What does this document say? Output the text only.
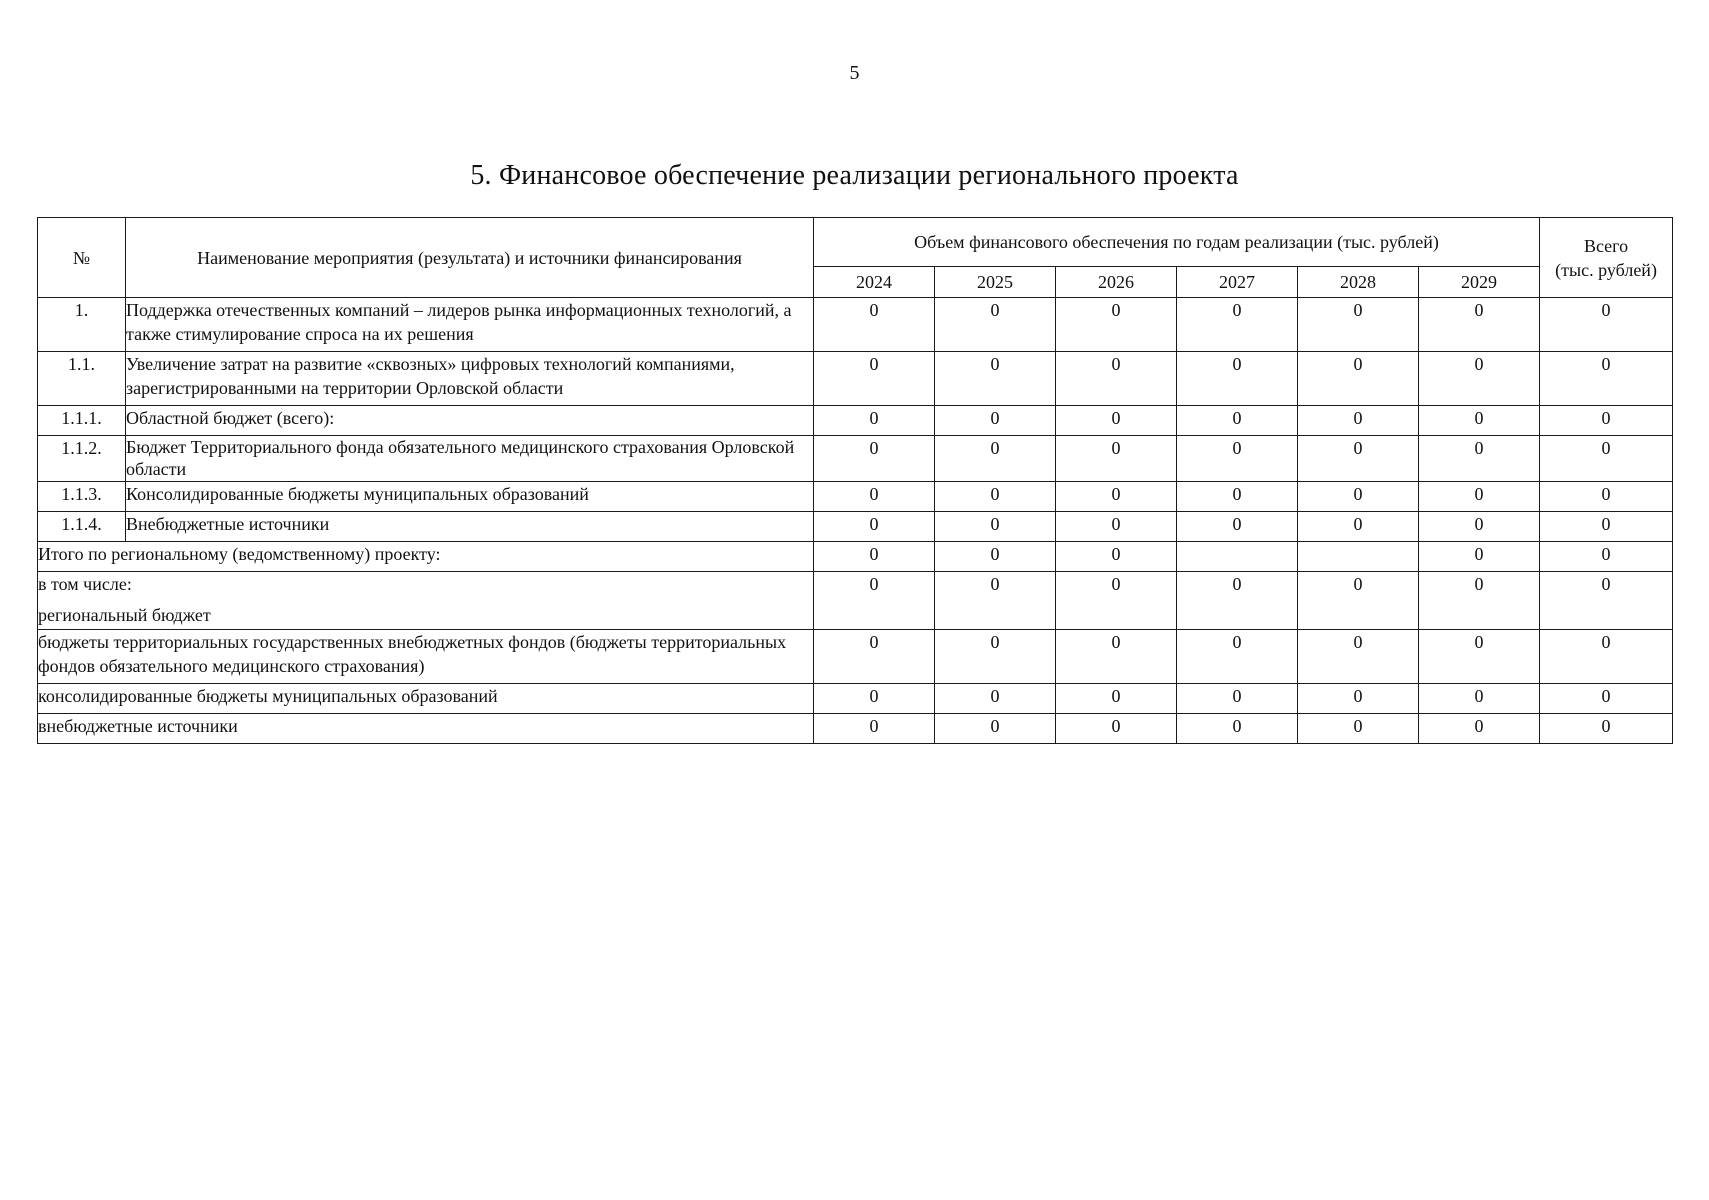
5
5. Финансовое обеспечение реализации регионального проекта
№	Наименование мероприятия (результата) и источники финансирования	Объем финансового обеспечения по годам реализации (тыс. рублей)						Всего
(тыс. рублей)
		2024	2025	2026	2027	2028	2029	
1.	Поддержка отечественных компаний – лидеров рынка информационных технологий, а также стимулирование спроса на их решения	0	0	0	0	0	0	0
1.1.	Увеличение затрат на развитие «сквозных» цифровых технологий компаниями, зарегистрированными на территории Орловской области	0	0	0	0	0	0	0
1.1.1.	Областной бюджет (всего):	0	0	0	0	0	0	0
1.1.2.	Бюджет Территориального фонда обязательного медицинского страхования Орловской области	0	0	0	0	0	0	0
1.1.3.	Консолидированные бюджеты муниципальных образований	0	0	0	0	0	0	0
1.1.4.	Внебюджетные источники	0	0	0	0	0	0	0
Итого по региональному (ведомственному) проекту:		0	0	0			0	0

в том числе:
региональный бюджет		0	0	0	0	0	0	0
бюджеты территориальных государственных внебюджетных фондов (бюджеты территориальных фондов обязательного медицинского страхования)		0	0	0	0	0	0	0
консолидированные бюджеты муниципальных образований		0	0	0	0	0	0	0
внебюджетные источники		0	0	0	0	0	0	0
